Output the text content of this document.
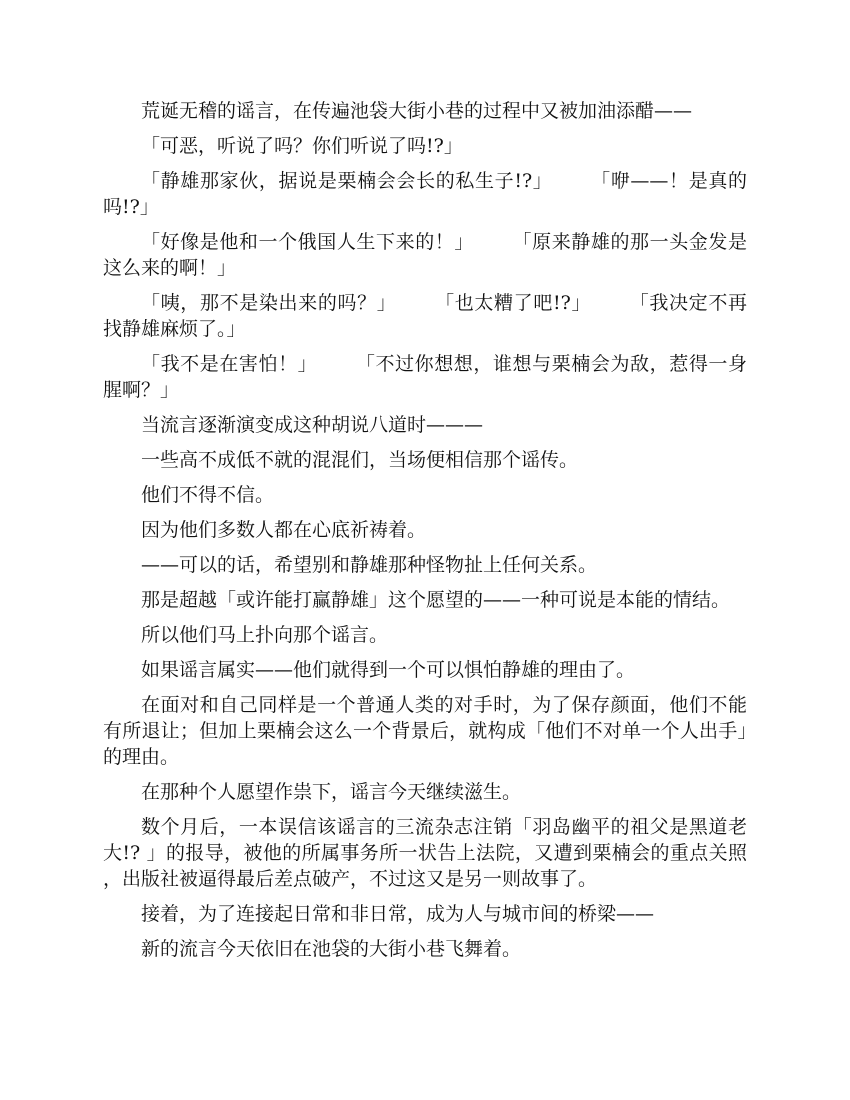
荒诞无稽的谣言，在传遍池袋大街小巷的过程中又被加油添醋——

「可恶，听说了吗？你们听说了吗!?」

「静雄那家伙，据说是栗楠会会长的私生子!?」 「咿——！是真的吗!?」

「好像是他和一个俄国人生下来的！」 「原来静雄的那一头金发是这么来的啊！」

「咦，那不是染出来的吗？」 「也太糟了吧!?」 「我决定不再找静雄麻烦了。」

「我不是在害怕！」 「不过你想想，谁想与栗楠会为敌，惹得一身腥啊？」

当流言逐渐演变成这种胡说八道时———

一些高不成低不就的混混们，当场便相信那个谣传。

他们不得不信。

因为他们多数人都在心底祈祷着。

——可以的话，希望别和静雄那种怪物扯上任何关系。

那是超越「或许能打赢静雄」这个愿望的——一种可说是本能的情结。

所以他们马上扑向那个谣言。

如果谣言属实——他们就得到一个可以惧怕静雄的理由了。

在面对和自己同样是一个普通人类的对手时，为了保存颜面，他们不能有所退让；但加上栗楠会这么一个背景后，就构成「他们不对单一个人出手」的理由。

在那种个人愿望作祟下，谣言今天继续滋生。

数个月后，一本误信该谣言的三流杂志注销「羽岛幽平的祖父是黑道老大!? 」的报导，被他的所属事务所一状告上法院，又遭到栗楠会的重点关照，出版社被逼得最后差点破产，不过这又是另一则故事了。

接着，为了连接起日常和非日常，成为人与城市间的桥梁——

新的流言今天依旧在池袋的大街小巷飞舞着。
